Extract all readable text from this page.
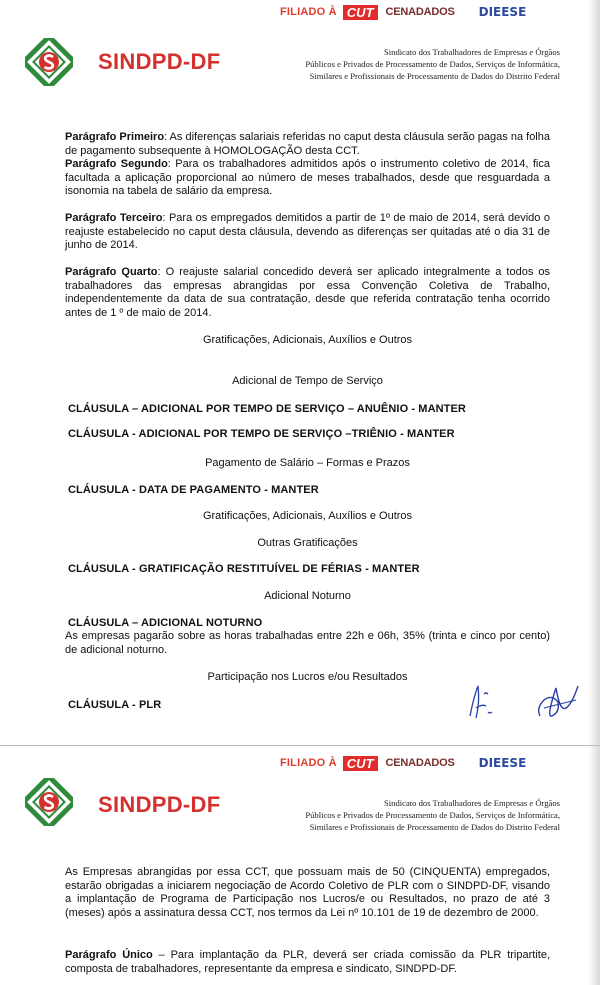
FILIADO À CUT	CENADADOS DIEESE
SINDPD-DF	Sindicato dos Trabalhadores de Empresas e Órgãos
Públicos e Privados de Processamento de Dados, Serviços de Informática,
Similares e Profissionais de Processamento de Dados do Distrito Federal
Parágrafo Primeiro: As diferenças salariais referidas no caput desta cláusula serão pagas na folha de pagamento subsequente à HOMOLOGAÇÃO desta CCT.
Parágrafo Segundo: Para os trabalhadores admitidos após o instrumento coletivo de 2014, fica facultada a aplicação proporcional ao número de meses trabalhados, desde que resguardada a isonomia na tabela de salário da empresa.
Parágrafo Terceiro: Para os empregados demitidos a partir de 1º de maio de 2014, será devido o reajuste estabelecido no caput desta cláusula, devendo as diferenças ser quitadas até o dia 31 de junho de 2014.
Parágrafo Quarto: O reajuste salarial concedido deverá ser aplicado integralmente a todos os trabalhadores das empresas abrangidas por essa Convenção Coletiva de Trabalho, independentemente da data de sua contratação, desde que referida contratação tenha ocorrido antes de 1 º de maio de 2014.
Gratificações, Adicionais, Auxílios e Outros
Adicional de Tempo de Serviço
CLÁUSULA – ADICIONAL POR TEMPO DE SERVIÇO – ANUÊNIO - MANTER
CLÁUSULA - ADICIONAL POR TEMPO DE SERVIÇO –TRIÊNIO - MANTER
Pagamento de Salário – Formas e Prazos
CLÁUSULA - DATA DE PAGAMENTO - MANTER
Gratificações, Adicionais, Auxílios e Outros
Outras Gratificações
CLÁUSULA - GRATIFICAÇÃO RESTITUÍVEL DE FÉRIAS - MANTER
Adicional Noturno
CLÁUSULA – ADICIONAL NOTURNO
As empresas pagarão sobre as horas trabalhadas entre 22h e 06h, 35% (trinta e cinco por cento) de adicional noturno.
Participação nos Lucros e/ou Resultados
CLÁUSULA - PLR
FILIADO À CUT	CENADADOS DIEESE
SINDPD-DF	Sindicato dos Trabalhadores de Empresas e Órgãos
Públicos e Privados de Processamento de Dados, Serviços de Informática,
Similares e Profissionais de Processamento de Dados do Distrito Federal
As Empresas abrangidas por essa CCT, que possuam mais de 50 (CINQUENTA) empregados, estarão obrigadas a iniciarem negociação de Acordo Coletivo de PLR com o SINDPD-DF, visando a implantação de Programa de Participação nos Lucros/e ou Resultados, no prazo de até 3 (meses) após a assinatura dessa CCT, nos termos da Lei nº 10.101 de 19 de dezembro de 2000.
Parágrafo Único – Para implantação da PLR, deverá ser criada comissão da PLR tripartite, composta de trabalhadores, representante da empresa e sindicato, SINDPD-DF.
